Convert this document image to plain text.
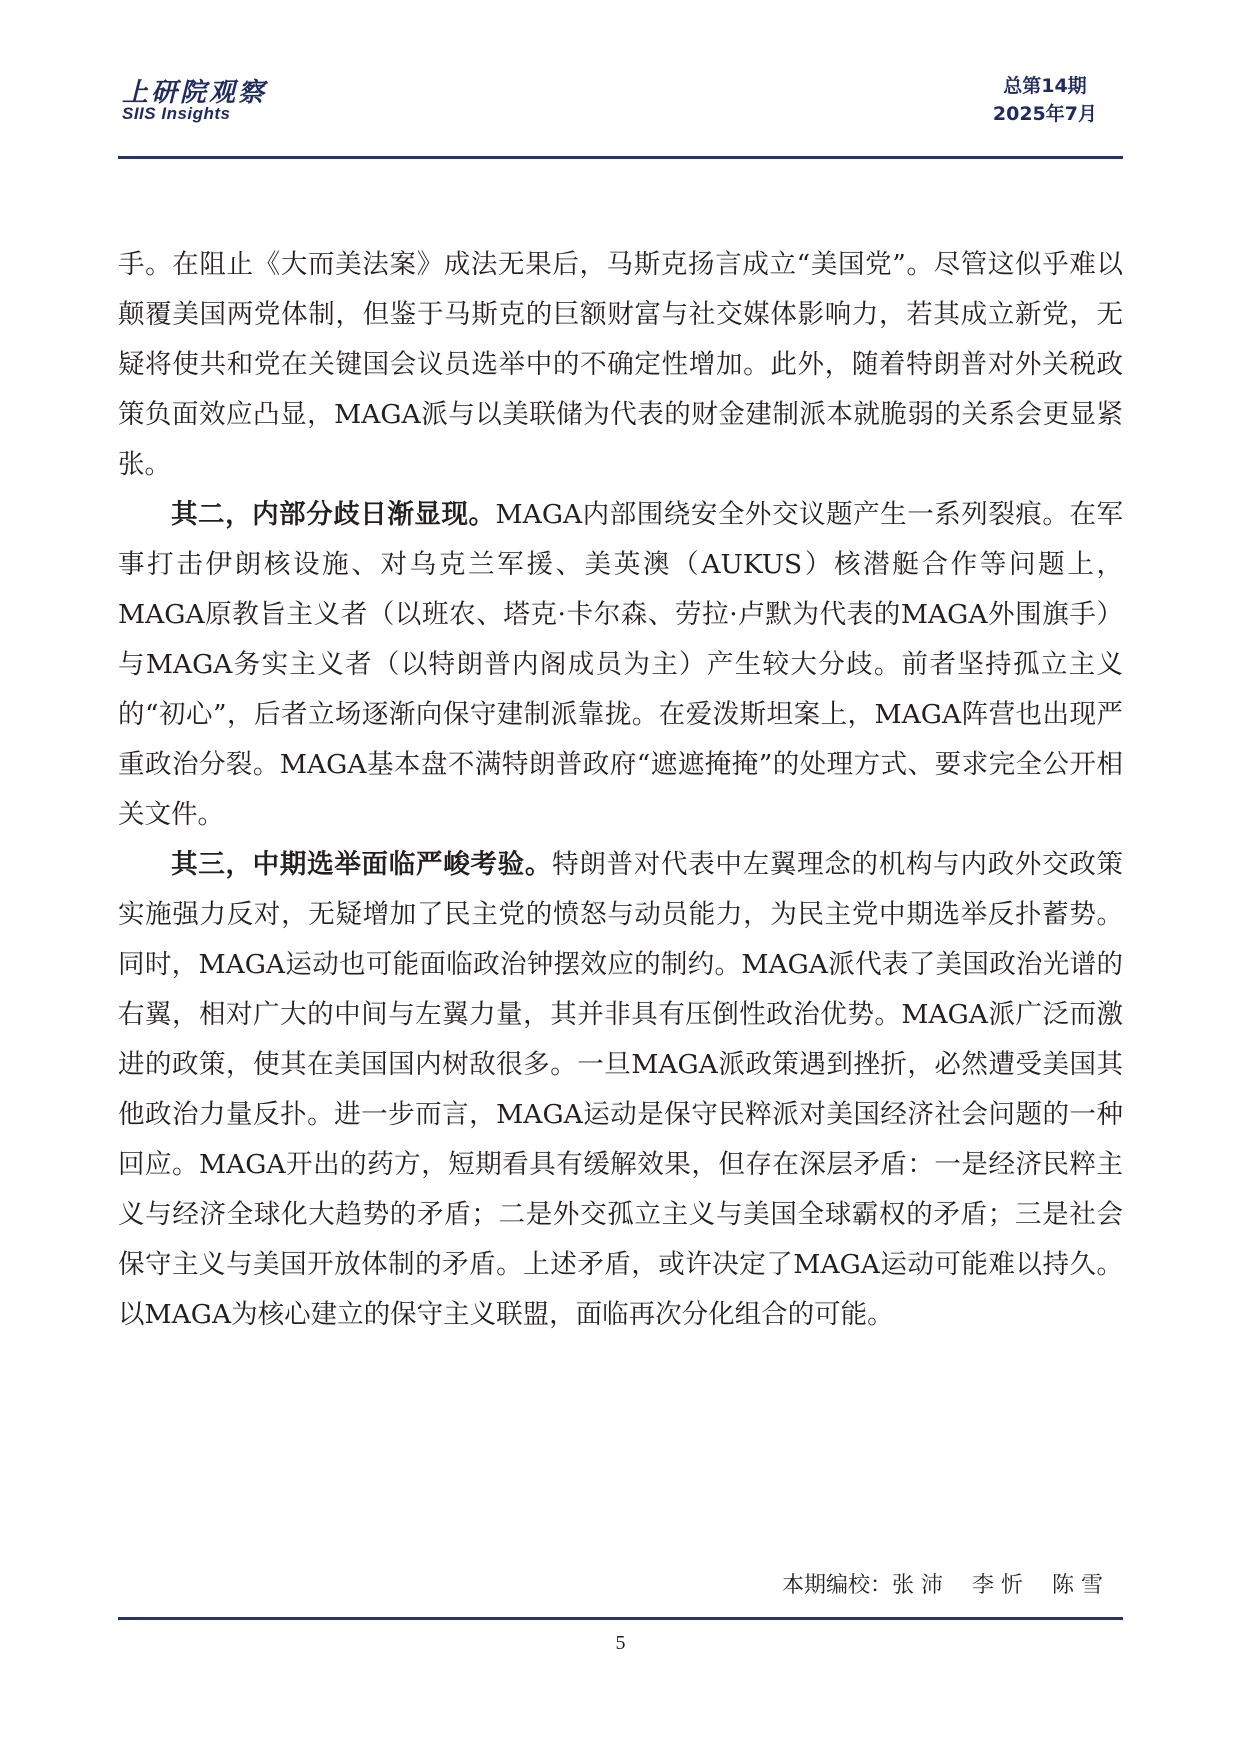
上研院观察
SIIS Insights
总第14期
2025年7月

手。在阻止《大而美法案》成法无果后，马斯克扬言成立“美国党”。尽管这似乎难以颠覆美国两党体制，但鉴于马斯克的巨额财富与社交媒体影响力，若其成立新党，无疑将使共和党在关键国会议员选举中的不确定性增加。此外，随着特朗普对外关税政策负面效应凸显，MAGA派与以美联储为代表的财金建制派本就脆弱的关系会更显紧张。

其二，内部分歧日渐显现。MAGA内部围绕安全外交议题产生一系列裂痕。在军事打击伊朗核设施、对乌克兰军援、美英澳（AUKUS）核潜艇合作等问题上，MAGA原教旨主义者（以班农、塔克·卡尔森、劳拉·卢默为代表的MAGA外围旗手）与MAGA务实主义者（以特朗普内阁成员为主）产生较大分歧。前者坚持孤立主义的“初心”，后者立场逐渐向保守建制派靠拢。在爱泼斯坦案上，MAGA阵营也出现严重政治分裂。MAGA基本盘不满特朗普政府“遮遮掩掩”的处理方式、要求完全公开相关文件。

其三，中期选举面临严峻考验。特朗普对代表中左翼理念的机构与内政外交政策实施强力反对，无疑增加了民主党的愤怒与动员能力，为民主党中期选举反扑蓄势。同时，MAGA运动也可能面临政治钟摆效应的制约。MAGA派代表了美国政治光谱的右翼，相对广大的中间与左翼力量，其并非具有压倒性政治优势。MAGA派广泛而激进的政策，使其在美国国内树敌很多。一旦MAGA派政策遇到挫折，必然遭受美国其他政治力量反扑。进一步而言，MAGA运动是保守民粹派对美国经济社会问题的一种回应。MAGA开出的药方，短期看具有缓解效果，但存在深层矛盾：一是经济民粹主义与经济全球化大趋势的矛盾；二是外交孤立主义与美国全球霸权的矛盾；三是社会保守主义与美国开放体制的矛盾。上述矛盾，或许决定了MAGA运动可能难以持久。以MAGA为核心建立的保守主义联盟，面临再次分化组合的可能。

本期编校：张 沛　 李 忻　 陈 雪
5
